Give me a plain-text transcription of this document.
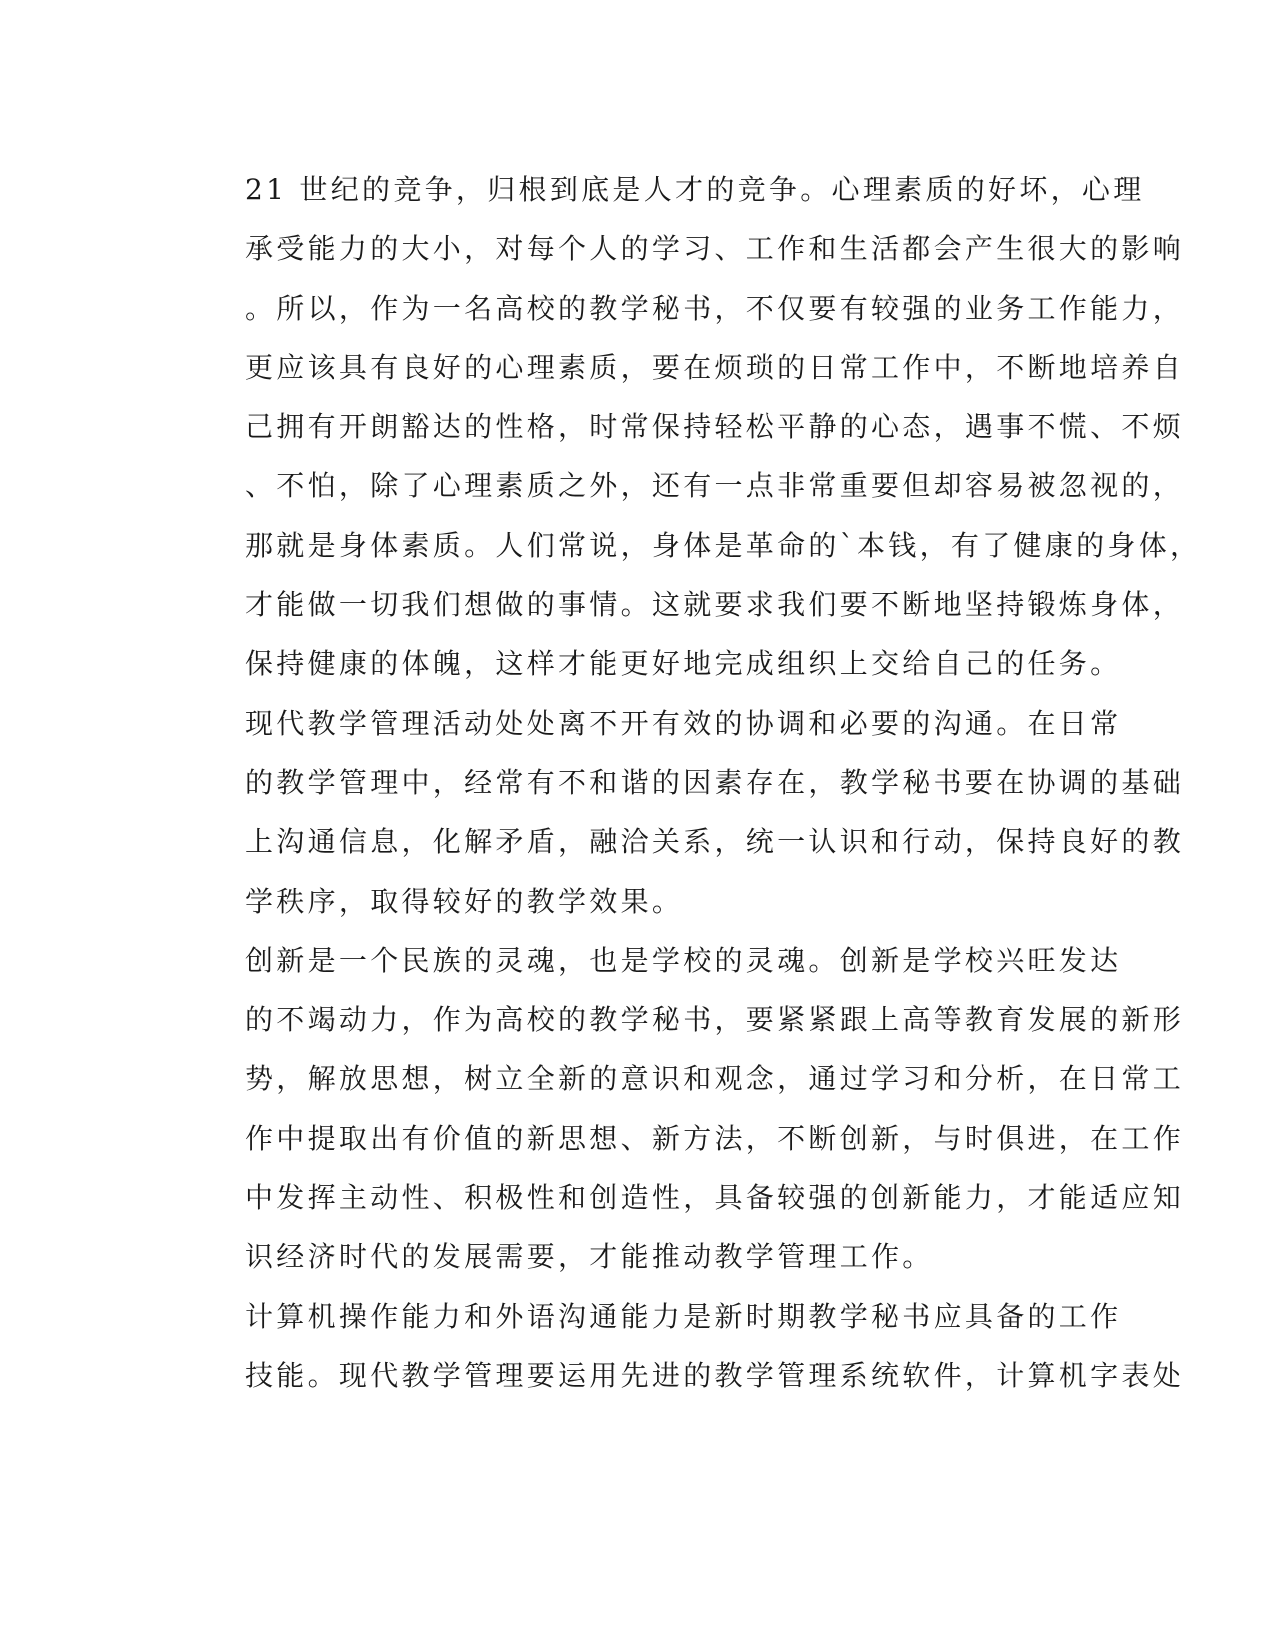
21 世纪的竞争，归根到底是人才的竞争。心理素质的好坏，心理
承受能力的大小，对每个人的学习、工作和生活都会产生很大的影响
。所以，作为一名高校的教学秘书，不仅要有较强的业务工作能力，
更应该具有良好的心理素质，要在烦琐的日常工作中，不断地培养自
己拥有开朗豁达的性格，时常保持轻松平静的心态，遇事不慌、不烦
、不怕，除了心理素质之外，还有一点非常重要但却容易被忽视的，
那就是身体素质。人们常说，身体是革命的`本钱，有了健康的身体，
才能做一切我们想做的事情。这就要求我们要不断地坚持锻炼身体，
保持健康的体魄，这样才能更好地完成组织上交给自己的任务。

现代教学管理活动处处离不开有效的协调和必要的沟通。在日常
的教学管理中，经常有不和谐的因素存在，教学秘书要在协调的基础
上沟通信息，化解矛盾，融洽关系，统一认识和行动，保持良好的教
学秩序，取得较好的教学效果。

创新是一个民族的灵魂，也是学校的灵魂。创新是学校兴旺发达
的不竭动力，作为高校的教学秘书，要紧紧跟上高等教育发展的新形
势，解放思想，树立全新的意识和观念，通过学习和分析，在日常工
作中提取出有价值的新思想、新方法，不断创新，与时俱进，在工作
中发挥主动性、积极性和创造性，具备较强的创新能力，才能适应知
识经济时代的发展需要，才能推动教学管理工作。

计算机操作能力和外语沟通能力是新时期教学秘书应具备的工作
技能。现代教学管理要运用先进的教学管理系统软件，计算机字表处
